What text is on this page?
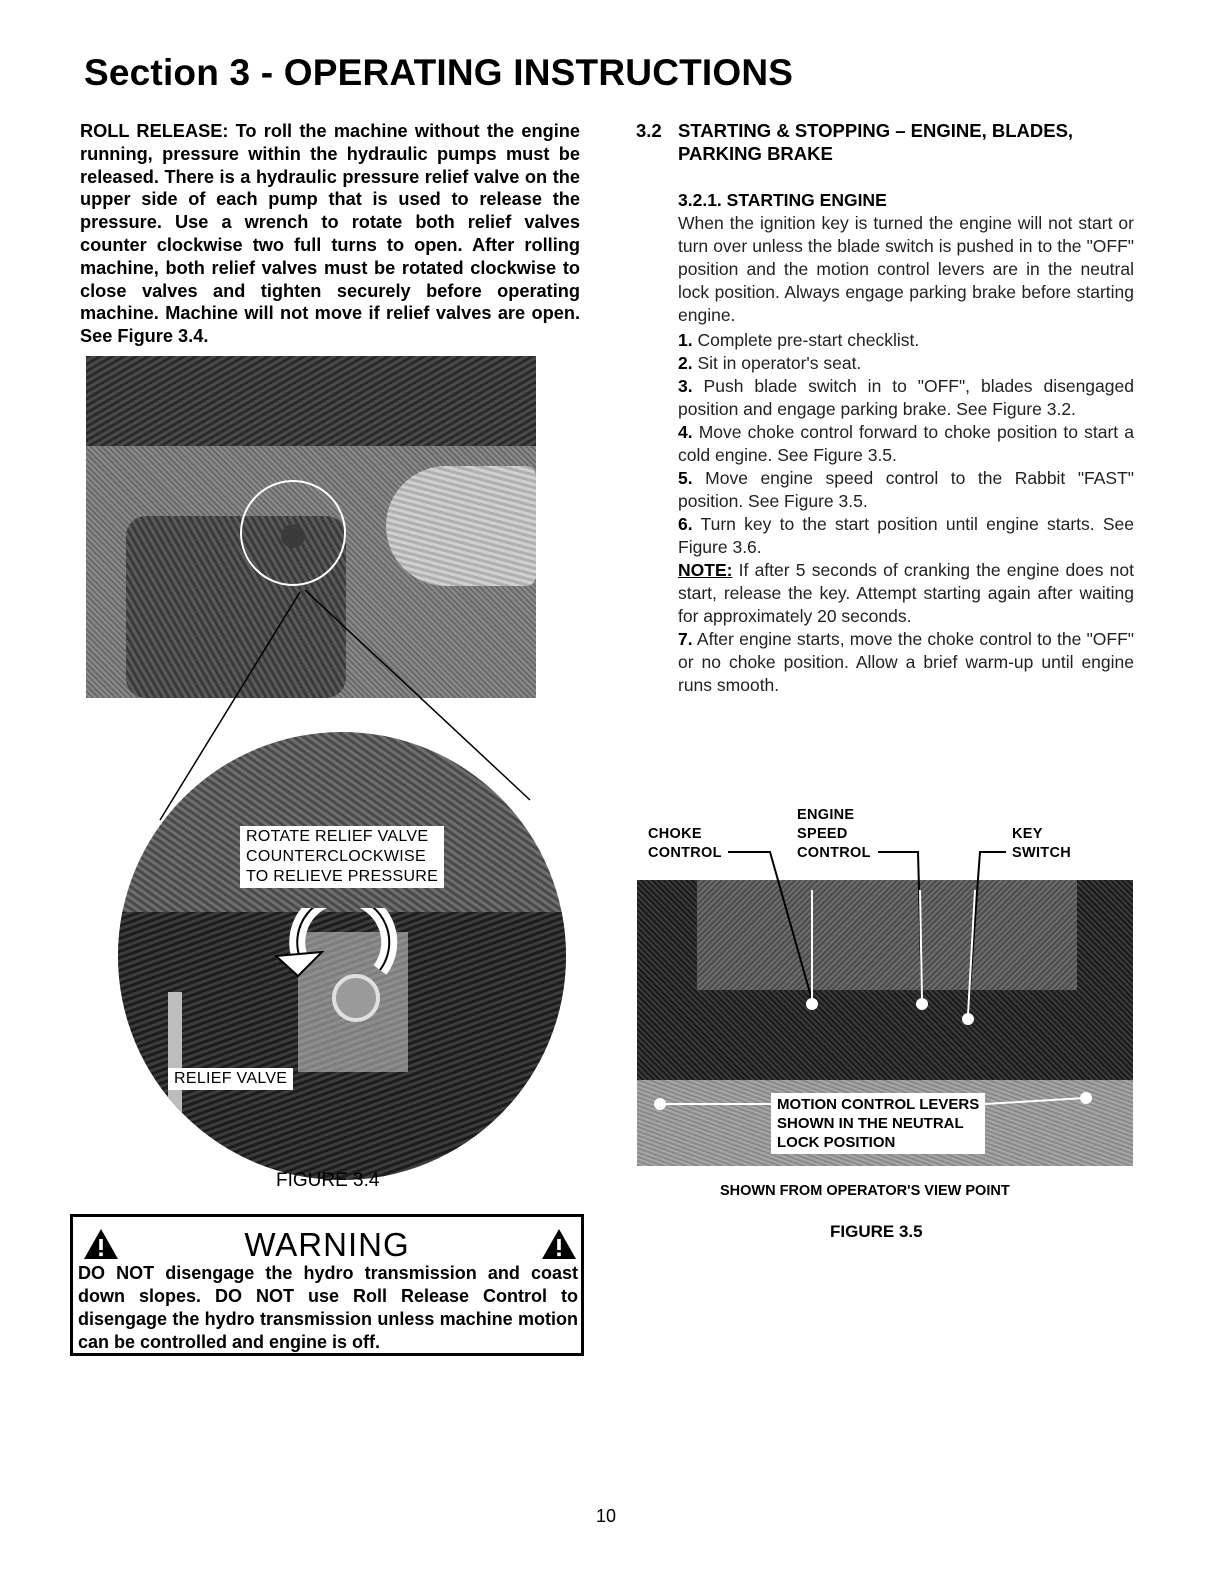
Section 3 - OPERATING INSTRUCTIONS
ROLL RELEASE: To roll the machine without the engine running, pressure within the hydraulic pumps must be released. There is a hydraulic pressure relief valve on the upper side of each pump that is used to release the pressure. Use a wrench to rotate both relief valves counter clockwise two full turns to open. After rolling machine, both relief valves must be rotated clockwise to close valves and tighten securely before operating machine. Machine will not move if relief valves are open. See Figure 3.4.
ROTATE RELIEF VALVE
COUNTERCLOCKWISE
TO RELIEVE PRESSURE
RELIEF VALVE
FIGURE 3.4
WARNING
DO NOT disengage the hydro transmission and coast down slopes. DO NOT use Roll Release Control to disengage the hydro transmission unless machine motion can be controlled and engine is off.
3.2 STARTING & STOPPING – ENGINE, BLADES, PARKING BRAKE
3.2.1. STARTING ENGINE

When the ignition key is turned the engine will not start or turn over unless the blade switch is pushed in to the "OFF" position and the motion control levers are in the neutral lock position. Always engage parking brake before starting engine.

1. Complete pre-start checklist.
2. Sit in operator's seat.
3. Push blade switch in to "OFF", blades disengaged position and engage parking brake. See Figure 3.2.
4. Move choke control forward to choke position to start a cold engine. See Figure 3.5.
5. Move engine speed control to the Rabbit "FAST" position. See Figure 3.5.
6. Turn key to the start position until engine starts. See Figure 3.6.
NOTE: If after 5 seconds of cranking the engine does not start, release the key. Attempt starting again after waiting for approximately 20 seconds.
7. After engine starts, move the choke control to the "OFF" or no choke position. Allow a brief warm-up until engine runs smooth.
CHOKE
CONTROL
ENGINE
SPEED
CONTROL
KEY
SWITCH
MOTION CONTROL LEVERS
SHOWN IN THE NEUTRAL
LOCK POSITION
SHOWN FROM OPERATOR'S VIEW POINT
FIGURE 3.5
10
